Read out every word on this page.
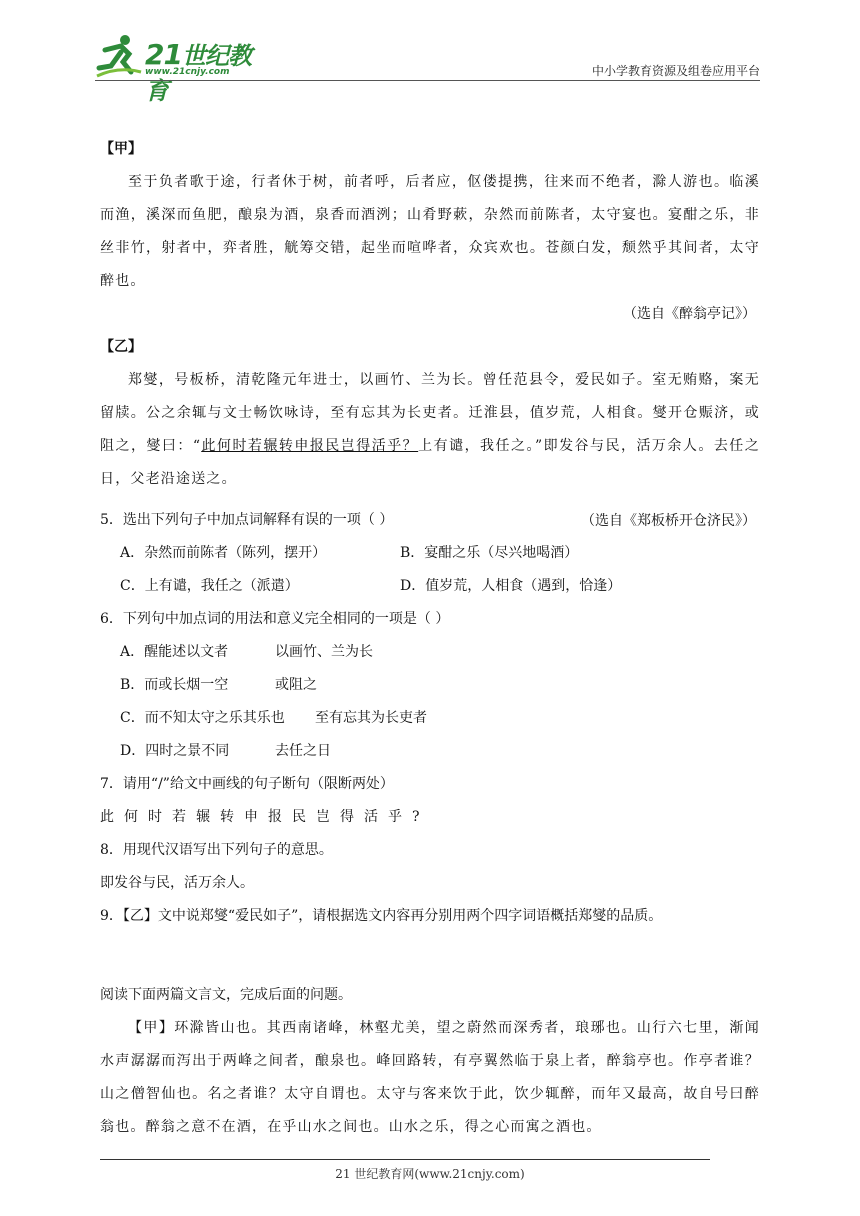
21世纪教育
www.21cnjy.com	中小学教育资源及组卷应用平台

【甲】

至于负者歌于途，行者休于树，前者呼，后者应，伛偻提携，往来而不绝者，滁人游也。临溪而渔，溪深而鱼肥，酿泉为酒，泉香而酒洌；山肴野蔌，杂然而前陈者，太守宴也。宴酣之乐，非丝非竹，射者中，弈者胜，觥筹交错，起坐而喧哗者，众宾欢也。苍颜白发，颓然乎其间者，太守醉也。

（选自《醉翁亭记》）

【乙】

郑燮，号板桥，清乾隆元年进士，以画竹、兰为长。曾任范县令，爱民如子。室无贿赂，案无留牍。公之余辄与文士畅饮咏诗，至有忘其为长吏者。迁淮县，值岁荒，人相食。燮开仓赈济，或阻之，燮曰：“此何时若辗转申报民岂得活乎？上有谴，我任之。”即发谷与民，活万余人。去任之日，父老沿途送之。

（选自《郑板桥开仓济民》）

5．选出下列句子中加点词解释有误的一项（ ）

A．杂然而前陈者（陈列，摆开）	B．宴酣之乐（尽兴地喝酒）

C．上有谴，我任之（派遣）	D．值岁荒，人相食（遇到，恰逢）

6．下列句中加点词的用法和意义完全相同的一项是（ ）

A．醒能述以文者	以画竹、兰为长

B．而或长烟一空	或阻之

C．而不知太守之乐其乐也 至有忘其为长吏者

D．四时之景不同	去任之日

7．请用“/”给文中画线的句子断句（限断两处）

此何时若辗转申报民岂得活乎?

8．用现代汉语写出下列句子的意思。

即发谷与民，活万余人。

9．【乙】文中说郑燮“爱民如子”，请根据选文内容再分别用两个四字词语概括郑燮的品质。

阅读下面两篇文言文，完成后面的问题。

【甲】环滁皆山也。其西南诸峰，林壑尤美，望之蔚然而深秀者，琅琊也。山行六七里，渐闻水声潺潺而泻出于两峰之间者，酿泉也。峰回路转，有亭翼然临于泉上者，醉翁亭也。作亭者谁？山之僧智仙也。名之者谁？太守自谓也。太守与客来饮于此，饮少辄醉，而年又最高，故自号曰醉翁也。醉翁之意不在酒，在乎山水之间也。山水之乐，得之心而寓之酒也。

21 世纪教育网(www.21cnjy.com)
